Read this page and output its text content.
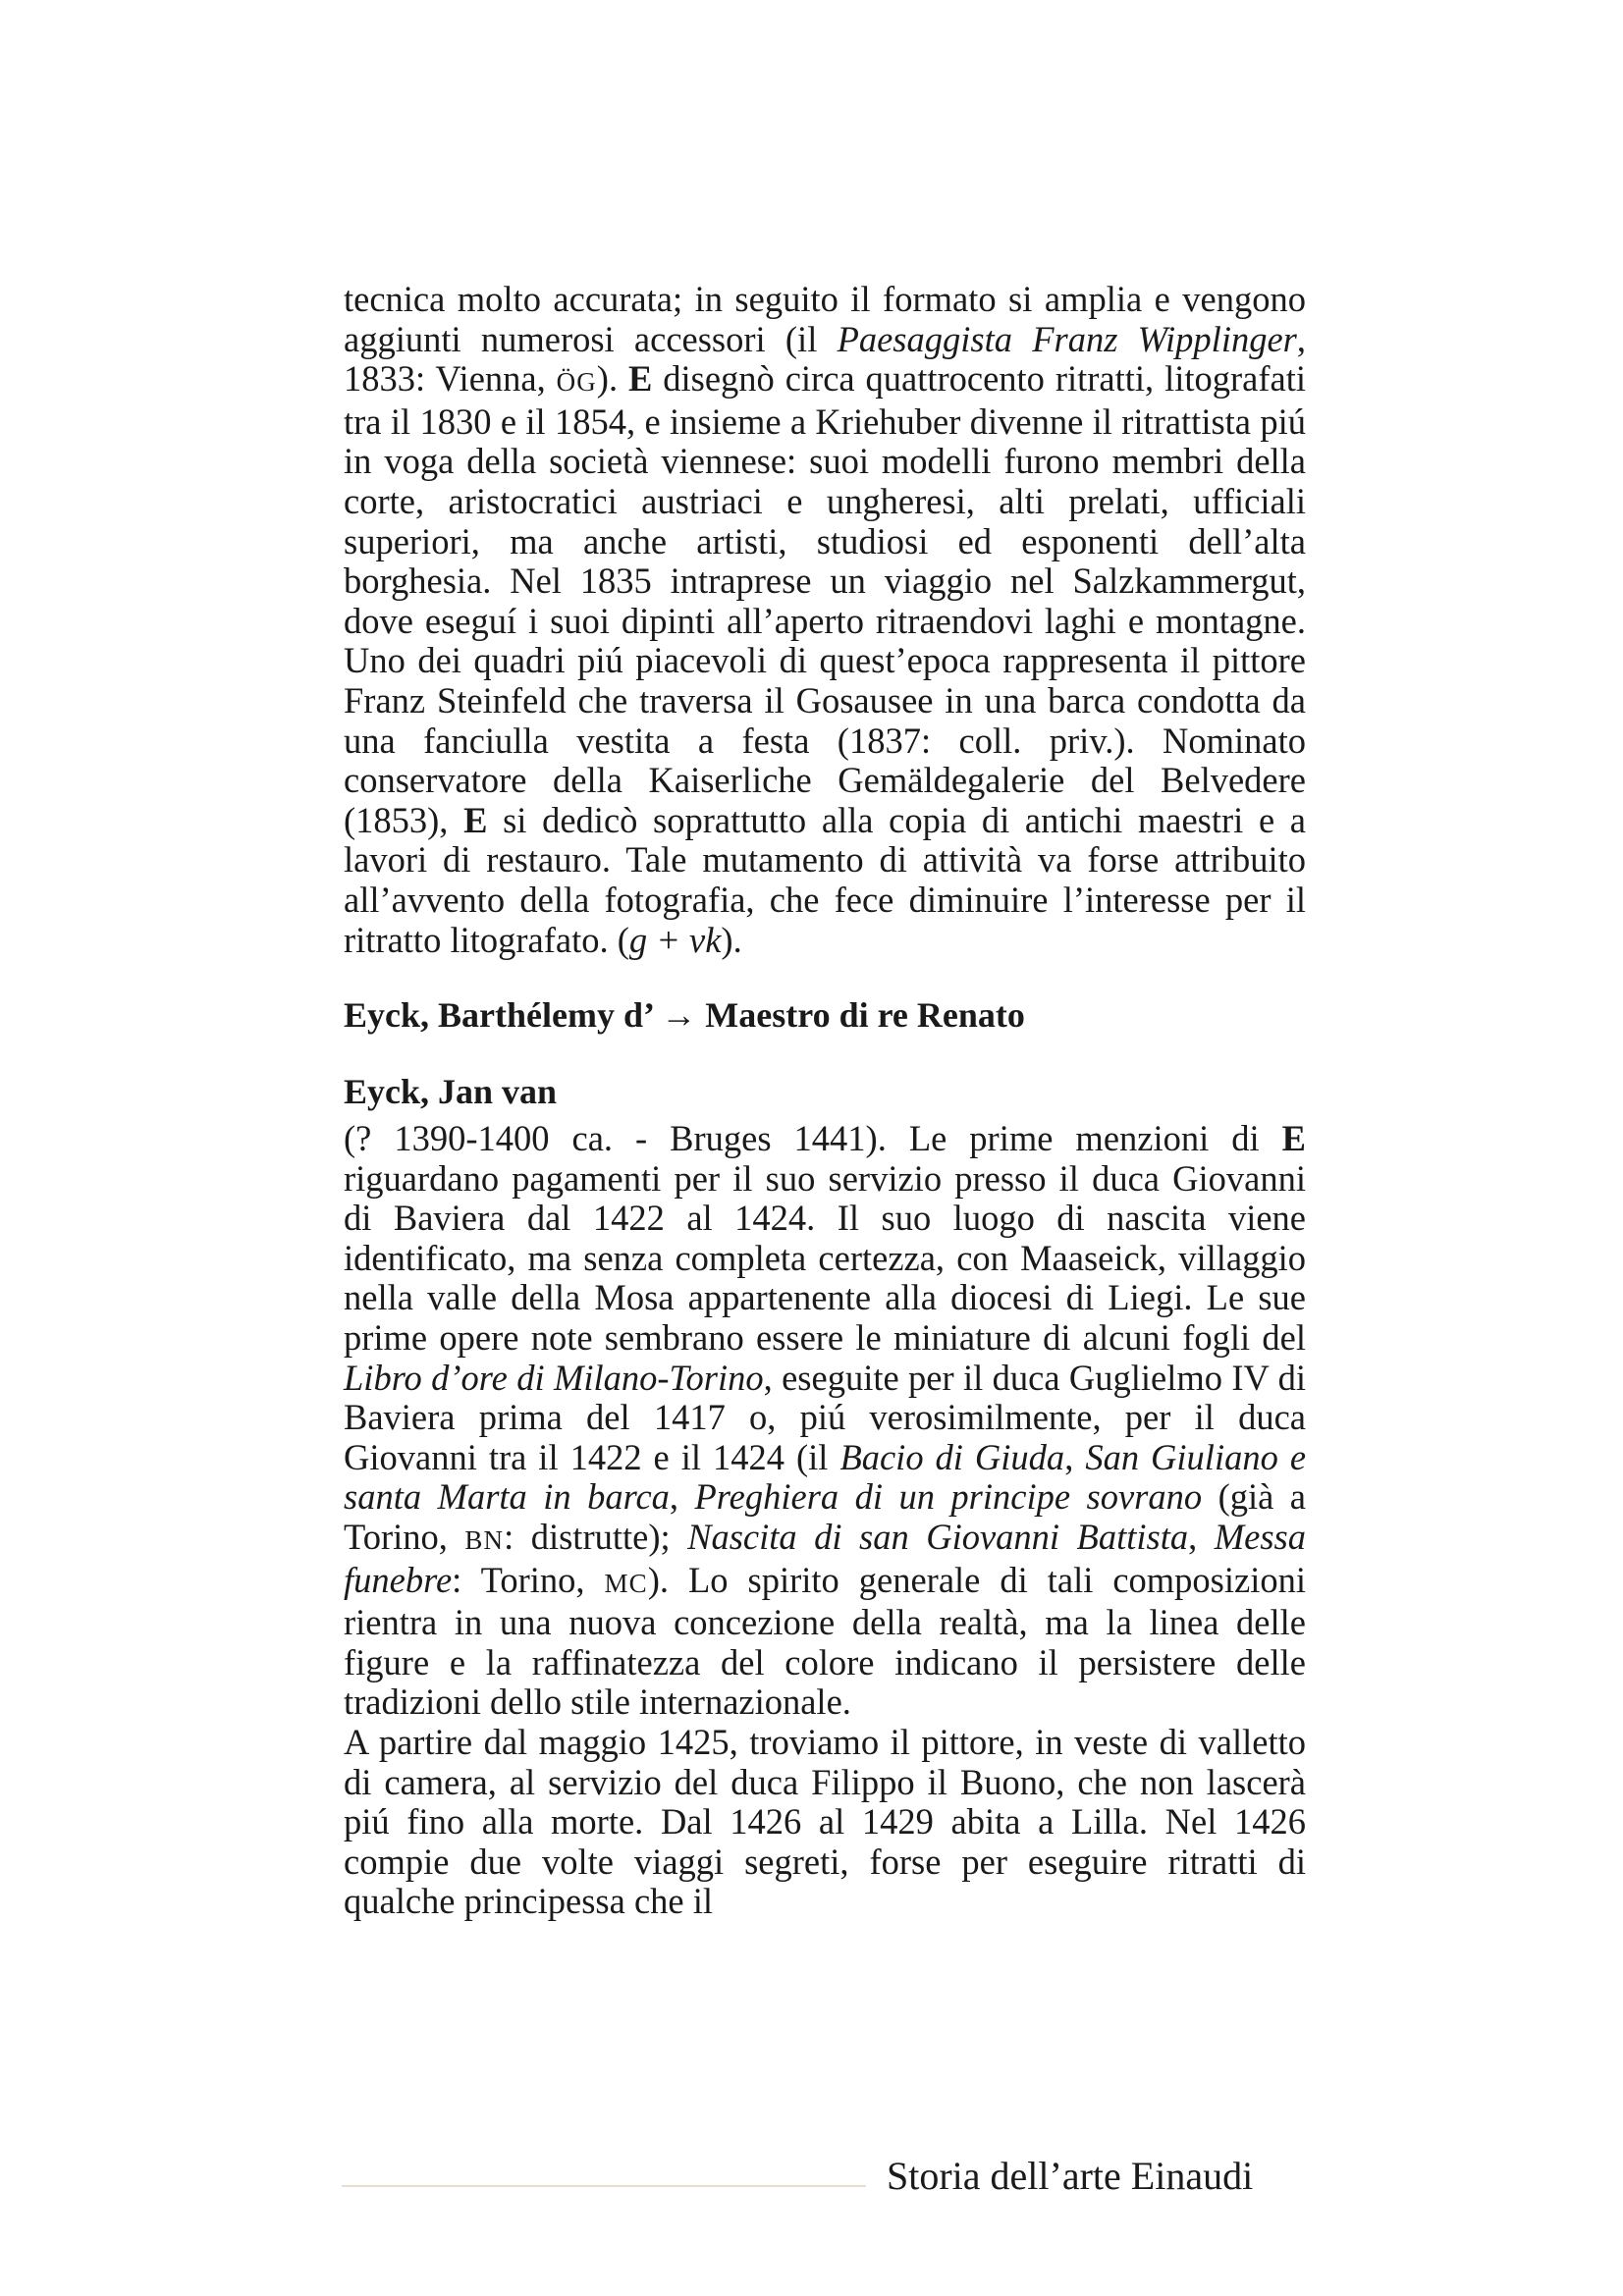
tecnica molto accurata; in seguito il formato si amplia e vengono aggiunti numerosi accessori (il Paesaggista Franz Wipplinger, 1833: Vienna, ÖG). E disegnò circa quattrocento ritratti, litografati tra il 1830 e il 1854, e insieme a Kriehuber divenne il ritrattista piú in voga della società viennese: suoi modelli furono membri della corte, aristocratici austriaci e ungheresi, alti prelati, ufficiali superiori, ma anche artisti, studiosi ed esponenti dell’alta borghesia. Nel 1835 intraprese un viaggio nel Salzkammergut, dove eseguí i suoi dipinti all’aperto ritraendovi laghi e montagne. Uno dei quadri piú piacevoli di quest’epoca rappresenta il pittore Franz Steinfeld che traversa il Gosausee in una barca condotta da una fanciulla vestita a festa (1837: coll. priv.). Nominato conservatore della Kaiserliche Gemäldegalerie del Belvedere (1853), E si dedicò soprattutto alla copia di antichi maestri e a lavori di restauro. Tale mutamento di attività va forse attribuito all’avvento della fotografia, che fece diminuire l’interesse per il ritratto litografato. (g + vk).

Eyck, Barthélemy d’ → Maestro di re Renato
Eyck, Jan van

(? 1390-1400 ca. - Bruges 1441). Le prime menzioni di E riguardano pagamenti per il suo servizio presso il duca Giovanni di Baviera dal 1422 al 1424. Il suo luogo di nascita viene identificato, ma senza completa certezza, con Maaseick, villaggio nella valle della Mosa appartenente alla diocesi di Liegi. Le sue prime opere note sembrano essere le miniature di alcuni fogli del Libro d’ore di Milano-Torino, eseguite per il duca Guglielmo IV di Baviera prima del 1417 o, piú verosimilmente, per il duca Giovanni tra il 1422 e il 1424 (il Bacio di Giuda, San Giuliano e santa Marta in barca, Preghiera di un principe sovrano (già a Torino, BN: distrutte); Nascita di san Giovanni Battista, Messa funebre: Torino, MC). Lo spirito generale di tali composizioni rientra in una nuova concezione della realtà, ma la linea delle figure e la raffinatezza del colore indicano il persistere delle tradizioni dello stile internazionale.

A partire dal maggio 1425, troviamo il pittore, in veste di valletto di camera, al servizio del duca Filippo il Buono, che non lascerà piú fino alla morte. Dal 1426 al 1429 abita a Lilla. Nel 1426 compie due volte viaggi segreti, forse per eseguire ritratti di qualche principessa che il

Storia dell’arte Einaudi
